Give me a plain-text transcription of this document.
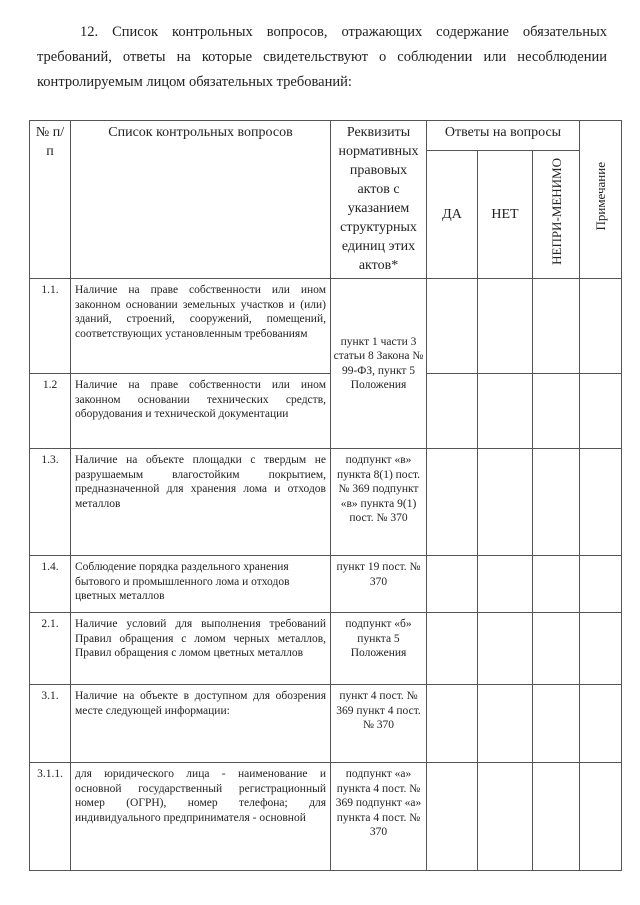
12. Список контрольных вопросов, отражающих содержание обязательных требований, ответы на которые свидетельствуют о соблюдении или несоблюдении контролируемым лицом обязательных требований:

№ п/п	Список контрольных вопросов	Реквизиты нормативных правовых актов с указанием структурных единиц этих актов*	Ответы на вопросы			Примечание
			ДА	НЕТ	НЕПРИ-МЕНИМО	
1.1.	Наличие на праве собственности или ином законном основании земельных участков и (или) зданий, строений, сооружений, помещений, соответствующих установленным требованиям	пункт 1 части 3 статьи 8 Закона № 99-ФЗ, пункт 5 Положения				
1.2	Наличие на праве собственности или ином законном основании технических средств, оборудования и технической документации					
1.3.	Наличие на объекте площадки с твердым не разрушаемым влагостойким покрытием, предназначенной для хранения лома и отходов металлов	подпункт «в» пункта 8(1) пост. № 369 подпункт «в» пункта 9(1) пост. № 370				
1.4.	Соблюдение порядка раздельного хранения бытового и промышленного лома и отходов цветных металлов	пункт 19 пост. № 370				
2.1.	Наличие условий для выполнения требований Правил обращения с ломом черных металлов, Правил обращения с ломом цветных металлов	подпункт «б» пункта 5 Положения				
3.1.	Наличие на объекте в доступном для обозрения месте следующей информации:	пункт 4 пост. № 369 пункт 4 пост. № 370				
3.1.1.	для юридического лица - наименование и основной государственный регистрационный номер (ОГРН), номер телефона; для индивидуального предпринимателя - основной	подпункт «а» пункта 4 пост. № 369 подпункт «а» пункта 4 пост. № 370				
